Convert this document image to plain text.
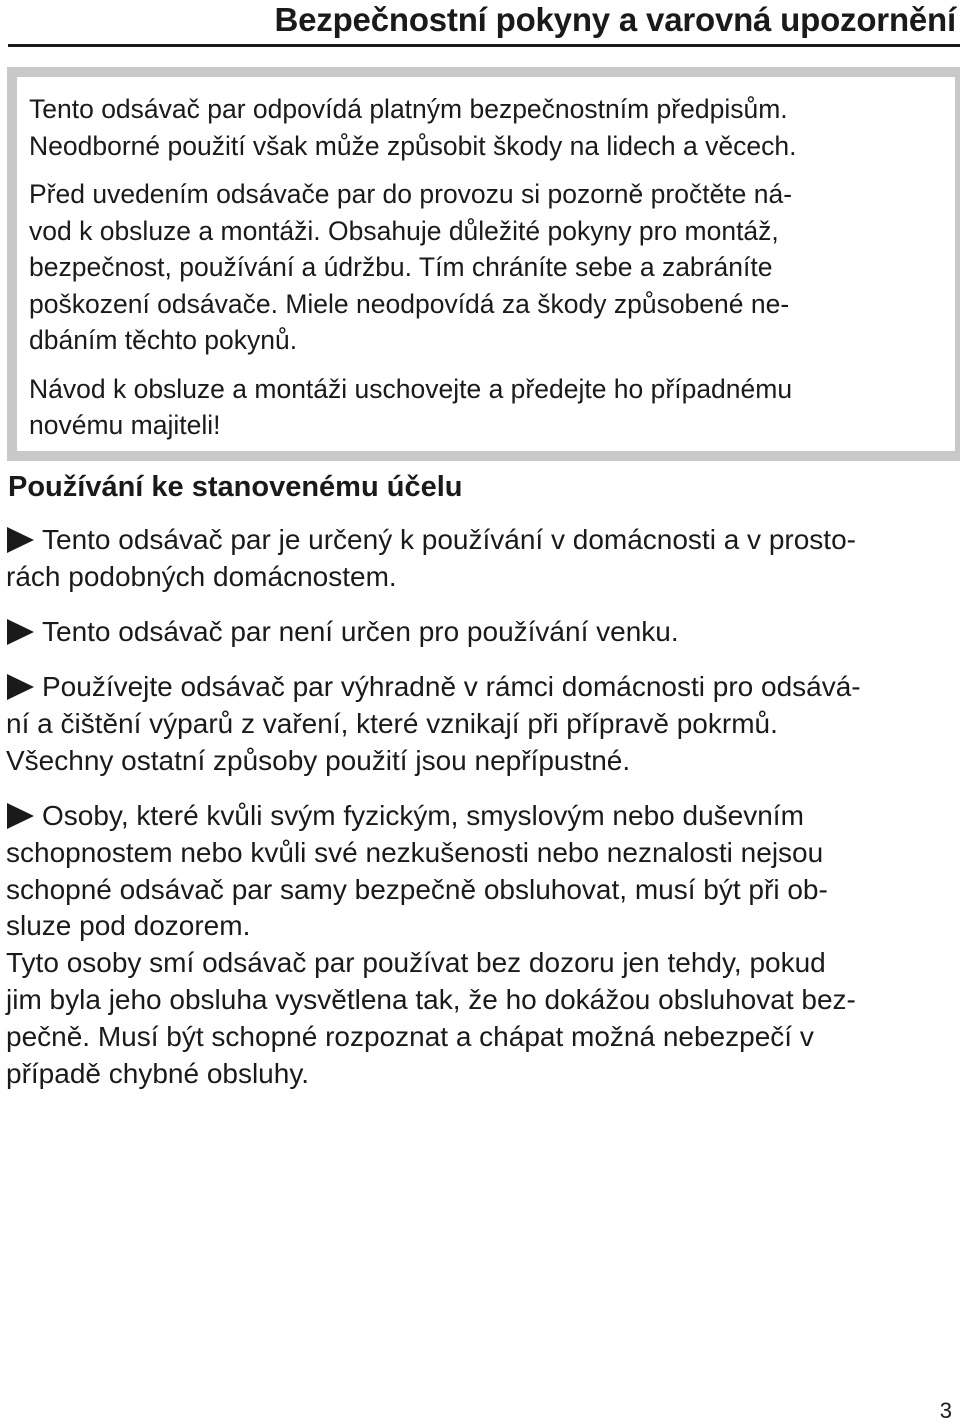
Bezpečnostní pokyny a varovná upozornění

Tento odsávač par odpovídá platným bezpečnostním předpisům.

Neodborné použití však může způsobit škody na lidech a věcech.

Před uvedením odsávače par do provozu si pozorně pročtěte ná-

vod k obsluze a montáži. Obsahuje důležité pokyny pro montáž,

bezpečnost, používání a údržbu. Tím chráníte sebe a zabráníte

poškození odsávače. Miele neodpovídá za škody způsobené ne-

dbáním těchto pokynů.

Návod k obsluze a montáži uschovejte a předejte ho případnému

novému majiteli!

Používání ke stanovenému účelu

Tento odsávač par je určený k používání v domácnosti a v prosto-

rách podobných domácnostem.

Tento odsávač par není určen pro používání venku.

Používejte odsávač par výhradně v rámci domácnosti pro odsává-

ní a čištění výparů z vaření, které vznikají při přípravě pokrmů.

Všechny ostatní způsoby použití jsou nepřípustné.

Osoby, které kvůli svým fyzickým, smyslovým nebo duševním

schopnostem nebo kvůli své nezkušenosti nebo neznalosti nejsou

schopné odsávač par samy bezpečně obsluhovat, musí být při ob-

sluze pod dozorem.

Tyto osoby smí odsávač par používat bez dozoru jen tehdy, pokud

jim byla jeho obsluha vysvětlena tak, že ho dokážou obsluhovat bez-

pečně. Musí být schopné rozpoznat a chápat možná nebezpečí v

případě chybné obsluhy.

3
